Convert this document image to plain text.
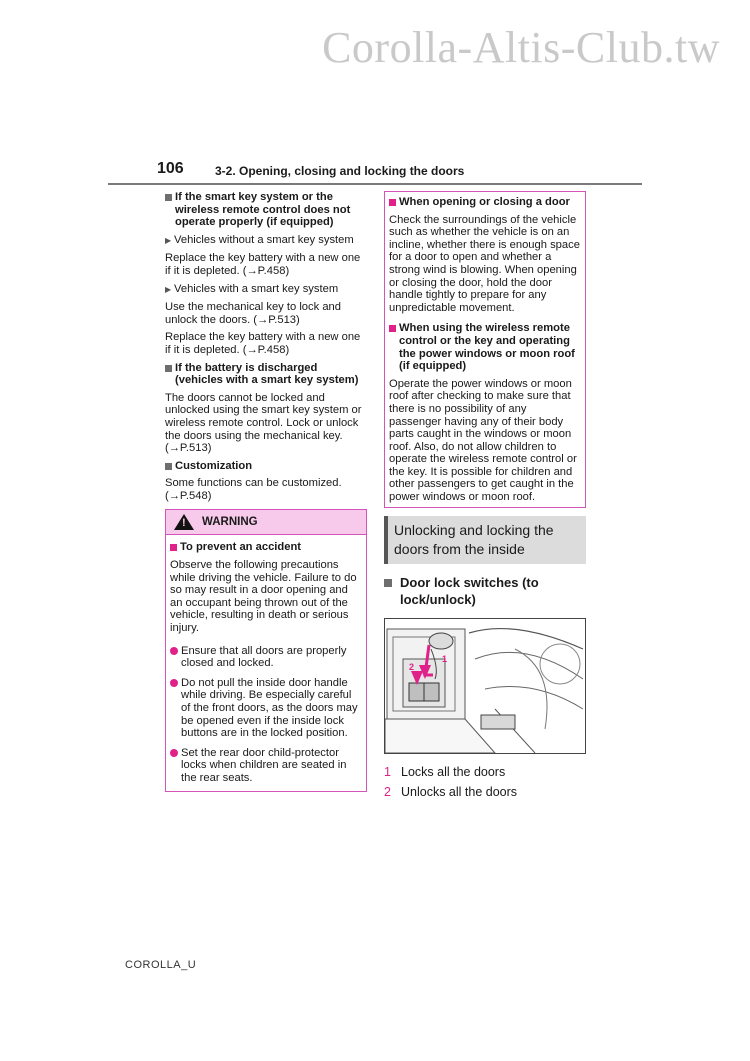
Corolla-Altis-Club.tw
106	3-2. Opening, closing and locking the doors
If the smart key system or the wireless remote control does not operate properly (if equipped)
▶ Vehicles without a smart key system
Replace the key battery with a new one if it is depleted. (→P.458)
▶ Vehicles with a smart key system
Use the mechanical key to lock and unlock the doors. (→P.513)
Replace the key battery with a new one if it is depleted. (→P.458)
If the battery is discharged (vehicles with a smart key system)
The doors cannot be locked and unlocked using the smart key system or wireless remote control. Lock or unlock the doors using the mechanical key. (→P.513)
Customization
Some functions can be customized. (→P.548)
! WARNING
To prevent an accident
Observe the following precautions while driving the vehicle. Failure to do so may result in a door opening and an occupant being thrown out of the vehicle, resulting in death or serious injury.
Ensure that all doors are properly closed and locked.
Do not pull the inside door handle while driving. Be especially careful of the front doors, as the doors may be opened even if the inside lock buttons are in the locked position.
Set the rear door child-protector locks when children are seated in the rear seats.
When opening or closing a door
Check the surroundings of the vehicle such as whether the vehicle is on an incline, whether there is enough space for a door to open and whether a strong wind is blowing. When opening or closing the door, hold the door handle tightly to prepare for any unpredictable movement.
When using the wireless remote control or the key and operating the power windows or moon roof (if equipped)
Operate the power windows or moon roof after checking to make sure that there is no possibility of any passenger having any of their body parts caught in the windows or moon roof. Also, do not allow children to operate the wireless remote control or the key. It is possible for children and other passengers to get caught in the power windows or moon roof.
Unlocking and locking the doors from the inside
Door lock switches (to lock/unlock)
2
1
1 Locks all the doors
2 Unlocks all the doors
COROLLA_U
